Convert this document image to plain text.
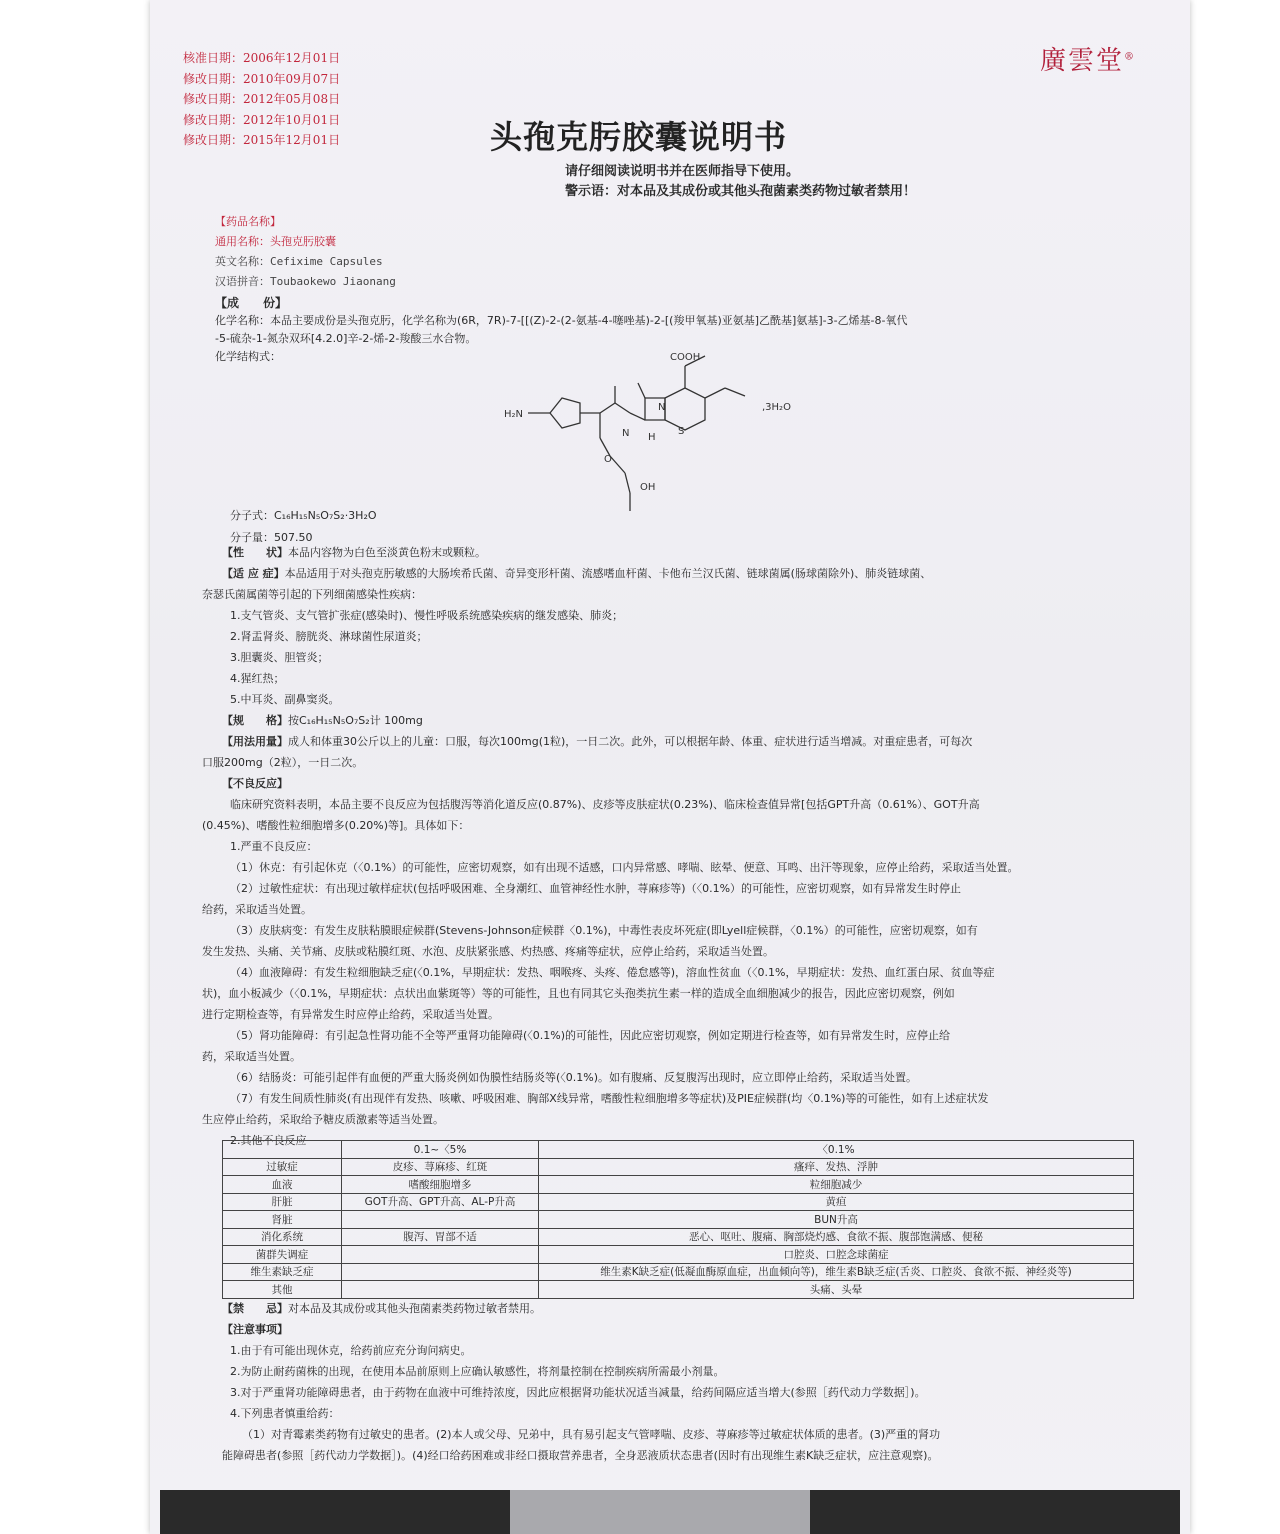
核准日期：2006年12月01日
修改日期：2010年09月07日
修改日期：2012年05月08日
修改日期：2012年10月01日
修改日期：2015年12月01日
廣雲堂®
头孢克肟胶囊说明书
请仔细阅读说明书并在医师指导下使用。
警示语：对本品及其成份或其他头孢菌素类药物过敏者禁用！
【药品名称】
通用名称：头孢克肟胶囊
英文名称：Cefixime Capsules
汉语拼音：Toubaokewo Jiaonang
【成　　份】
化学名称：本品主要成份是头孢克肟，化学名称为(6R，7R)-7-[[(Z)-2-(2-氨基-4-噻唑基)-2-[(羧甲氧基)亚氨基]乙酰基]氨基]-3-乙烯基-8-氧代
-5-硫杂-1-氮杂双环[4.2.0]辛-2-烯-2-羧酸三水合物。
化学结构式：	COOH
H₂N
,3H₂O
OH
N
S
N H
O
分子式：C₁₆H₁₅N₅O₇S₂·3H₂O
分子量：507.50
【性　　状】本品内容物为白色至淡黄色粉末或颗粒。
【适 应 症】本品适用于对头孢克肟敏感的大肠埃希氏菌、奇异变形杆菌、流感嗜血杆菌、卡他布兰汉氏菌、链球菌属(肠球菌除外)、肺炎链球菌、
奈瑟氏菌属菌等引起的下列细菌感染性疾病：
1.支气管炎、支气管扩张症(感染时)、慢性呼吸系统感染疾病的继发感染、肺炎；
2.肾盂肾炎、膀胱炎、淋球菌性尿道炎；
3.胆囊炎、胆管炎；
4.猩红热；
5.中耳炎、副鼻窦炎。
【规　　格】按C₁₆H₁₅N₅O₇S₂计 100mg
【用法用量】成人和体重30公斤以上的儿童：口服，每次100mg(1粒)，一日二次。此外，可以根据年龄、体重、症状进行适当增减。对重症患者，可每次
口服200mg（2粒），一日二次。
【不良反应】
临床研究资料表明，本品主要不良反应为包括腹泻等消化道反应(0.87%)、皮疹等皮肤症状(0.23%)、临床检查值异常[包括GPT升高（0.61%）、GOT升高
(0.45%)、嗜酸性粒细胞增多(0.20%)等]。具体如下：
1.严重不良反应：
（1）休克：有引起休克（〈0.1%）的可能性，应密切观察，如有出现不适感，口内异常感、哮喘、眩晕、便意、耳鸣、出汗等现象，应停止给药，采取适当处置。
（2）过敏性症状：有出现过敏样症状(包括呼吸困难、全身潮红、血管神经性水肿，荨麻疹等)（〈0.1%）的可能性，应密切观察，如有异常发生时停止
给药，采取适当处置。
（3）皮肤病变：有发生皮肤粘膜眼症候群(Stevens-Johnson症候群〈0.1%)，中毒性表皮坏死症(即Lyell症候群，〈0.1%）的可能性，应密切观察，如有
发生发热、头痛、关节痛、皮肤或粘膜红斑、水泡、皮肤紧张感、灼热感、疼痛等症状，应停止给药，采取适当处置。
（4）血液障碍：有发生粒细胞缺乏症(〈0.1%，早期症状：发热、咽喉疼、头疼、倦怠感等)，溶血性贫血（〈0.1%，早期症状：发热、血红蛋白尿、贫血等症
状)，血小板减少（〈0.1%，早期症状：点状出血紫斑等）等的可能性，且也有同其它头孢类抗生素一样的造成全血细胞减少的报告，因此应密切观察，例如
进行定期检查等，有异常发生时应停止给药，采取适当处置。
（5）肾功能障碍：有引起急性肾功能不全等严重肾功能障碍(〈0.1%)的可能性，因此应密切观察，例如定期进行检查等，如有异常发生时，应停止给
药，采取适当处置。
（6）结肠炎：可能引起伴有血便的严重大肠炎例如伪膜性结肠炎等(〈0.1%)。如有腹痛、反复腹泻出现时，应立即停止给药，采取适当处置。
（7）有发生间质性肺炎(有出现伴有发热、咳嗽、呼吸困难、胸部X线异常，嗜酸性粒细胞增多等症状)及PIE症候群(均〈0.1%)等的可能性，如有上述症状发
生应停止给药，采取给予糖皮质激素等适当处置。
2.其他不良反应
	0.1~〈5%	〈0.1%
过敏症	皮疹、荨麻疹、红斑	瘙痒、发热、浮肿
血液	嗜酸细胞增多	粒细胞减少
肝脏	GOT升高、GPT升高、AL-P升高	黄疸
肾脏		BUN升高
消化系统	腹泻、胃部不适	恶心、呕吐、腹痛、胸部烧灼感、食欲不振、腹部饱满感、便秘
菌群失调症		口腔炎、口腔念球菌症
维生素缺乏症		维生素K缺乏症(低凝血酶原血症，出血倾向等)，维生素B缺乏症(舌炎、口腔炎、食欲不振、神经炎等)
其他		头痛、头晕
【禁　　忌】对本品及其成份或其他头孢菌素类药物过敏者禁用。
【注意事项】
1.由于有可能出现休克，给药前应充分询问病史。
2.为防止耐药菌株的出现，在使用本品前原则上应确认敏感性，将剂量控制在控制疾病所需最小剂量。
3.对于严重肾功能障碍患者，由于药物在血液中可维持浓度，因此应根据肾功能状况适当减量，给药间隔应适当增大(参照［药代动力学数据］)。
4.下列患者慎重给药：
（1）对青霉素类药物有过敏史的患者。(2)本人或父母、兄弟中，具有易引起支气管哮喘、皮疹、荨麻疹等过敏症状体质的患者。(3)严重的肾功
能障碍患者(参照［药代动力学数据］)。(4)经口给药困难或非经口摄取营养患者，全身恶液质状态患者(因时有出现维生素K缺乏症状，应注意观察)。
